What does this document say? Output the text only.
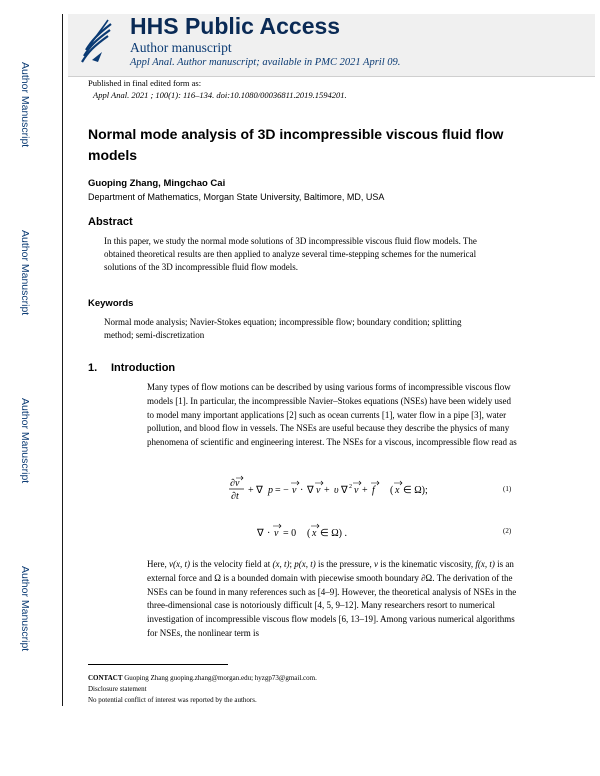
Author Manuscript
Author Manuscript
Author Manuscript
Author Manuscript
HHS Public Access
Author manuscript
Appl Anal. Author manuscript; available in PMC 2021 April 09.
Published in final edited form as:
Appl Anal. 2021 ; 100(1): 116–134. doi:10.1080/00036811.2019.1594201.
Normal mode analysis of 3D incompressible viscous fluid flow models
Guoping Zhang, Mingchao Cai
Department of Mathematics, Morgan State University, Baltimore, MD, USA
Abstract
In this paper, we study the normal mode solutions of 3D incompressible viscous fluid flow models. The obtained theoretical results are then applied to analyze several time-stepping schemes for the numerical solutions of the 3D incompressible fluid flow models.
Keywords
Normal mode analysis; Navier-Stokes equation; incompressible flow; boundary condition; splitting method; semi-discretization
1. Introduction
Many types of flow motions can be described by using various forms of incompressible viscous flow models [1]. In particular, the incompressible Navier–Stokes equations (NSEs) have been widely used to model many important applications [2] such as ocean currents [1], water flow in a pipe [3], water pollution, and blood flow in vessels. The NSEs are useful because they describe the physics of many phenomena of scientific and engineering interest. The NSEs for a viscous, incompressible flow read as
∂v
∂t
+ ∇ p = − v · ∇ v + υ ∇ 2 v + f ( x ∈ Ω);	(1)
∇ · v = 0 ( x ∈ Ω) .	(2)
Here, v(x, t) is the velocity field at (x, t); p(x, t) is the pressure, v is the kinematic viscosity, f(x, t) is an external force and Ω is a bounded domain with piecewise smooth boundary ∂Ω. The derivation of the NSEs can be found in many references such as [4–9]. However, the theoretical analysis of NSEs in the three-dimensional case is notoriously difficult [4, 5, 9–12]. Many researchers resort to numerical investigation of incompressible viscous flow models [6, 13–19]. Among various numerical algorithms for NSEs, the nonlinear term is
CONTACT Guoping Zhang guoping.zhang@morgan.edu; hyzgp73@gmail.com.
Disclosure statement
No potential conflict of interest was reported by the authors.
